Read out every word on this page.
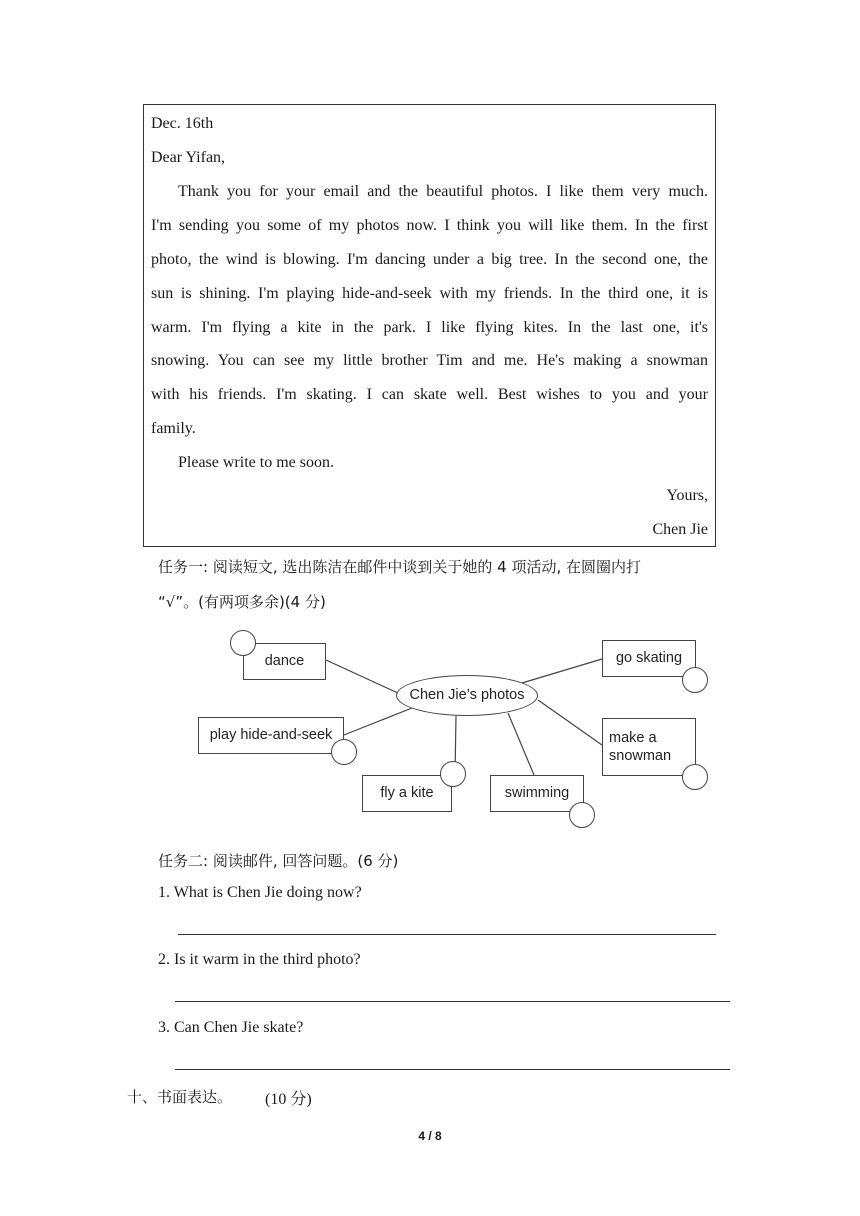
Dec. 16th
Dear Yifan,
Thank you for your email and the beautiful photos. I like them very much.
I'm sending you some of my photos now. I think you will like them. In the first
photo, the wind is blowing. I'm dancing under a big tree. In the second one, the
sun is shining. I'm playing hide-and-seek with my friends. In the third one, it is
warm. I'm flying a kite in the park. I like flying kites. In the last one, it's
snowing. You can see my little brother Tim and me. He's making a snowman
with his friends. I'm skating. I can skate well. Best wishes to you and your
family.
Please write to me soon.
Yours,
Chen Jie
任务一: 阅读短文, 选出陈洁在邮件中谈到关于她的 4 项活动, 在圆圈内打
“√”。(有两项多余)(4 分)
Chen Jie’s photos
dance
play hide-and-seek
fly a kite	swimming
go skating
make a snowman
任务二: 阅读邮件, 回答问题。(6 分)
1. What is Chen Jie doing now?
2. Is it warm in the third photo?
3. Can Chen Jie skate?
十、书面表达。 (10 分)
4 / 8
